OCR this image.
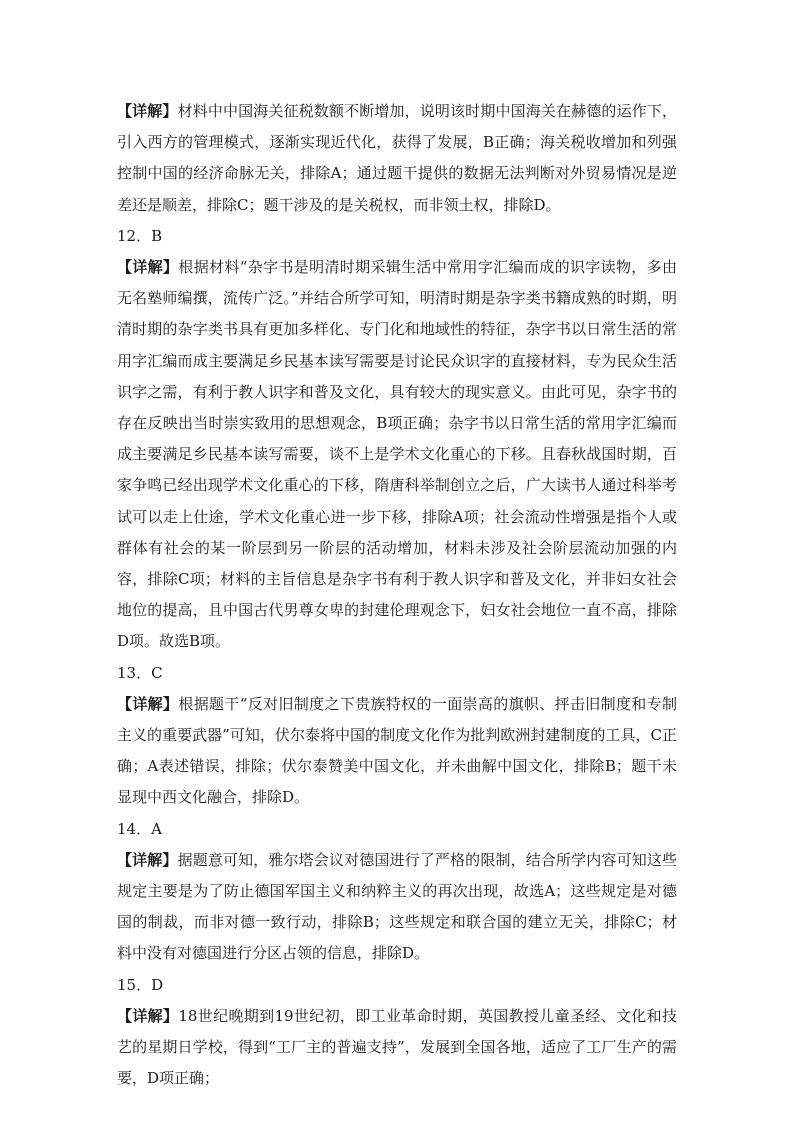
【详解】材料中中国海关征税数额不断增加，说明该时期中国海关在赫德的运作下，引入西方的管理模式，逐渐实现近代化，获得了发展，B正确；海关税收增加和列强控制中国的经济命脉无关，排除A；通过题干提供的数据无法判断对外贸易情况是逆差还是顺差，排除C；题干涉及的是关税权，而非领土权，排除D。

12．B

【详解】根据材料“杂字书是明清时期采辑生活中常用字汇编而成的识字读物，多由无名塾师编撰，流传广泛。”并结合所学可知，明清时期是杂字类书籍成熟的时期，明清时期的杂字类书具有更加多样化、专门化和地域性的特征，杂字书以日常生活的常用字汇编而成主要满足乡民基本读写需要是讨论民众识字的直接材料，专为民众生活识字之需，有利于教人识字和普及文化，具有较大的现实意义。由此可见，杂字书的存在反映出当时崇实致用的思想观念，B项正确；杂字书以日常生活的常用字汇编而成主要满足乡民基本读写需要，谈不上是学术文化重心的下移。且春秋战国时期，百家争鸣已经出现学术文化重心的下移，隋唐科举制创立之后，广大读书人通过科举考试可以走上仕途，学术文化重心进一步下移，排除A项；社会流动性增强是指个人或群体有社会的某一阶层到另一阶层的活动增加，材料未涉及社会阶层流动加强的内容，排除C项；材料的主旨信息是杂字书有利于教人识字和普及文化，并非妇女社会地位的提高，且中国古代男尊女卑的封建伦理观念下，妇女社会地位一直不高，排除D项。故选B项。

13．C

【详解】根据题干“反对旧制度之下贵族特权的一面崇高的旗帜、抨击旧制度和专制主义的重要武器”可知，伏尔泰将中国的制度文化作为批判欧洲封建制度的工具，C正确；A表述错误，排除；伏尔泰赞美中国文化，并未曲解中国文化，排除B；题干未显现中西文化融合，排除D。

14．A

【详解】据题意可知，雅尔塔会议对德国进行了严格的限制，结合所学内容可知这些规定主要是为了防止德国军国主义和纳粹主义的再次出现，故选A；这些规定是对德国的制裁，而非对德一致行动，排除B；这些规定和联合国的建立无关，排除C；材料中没有对德国进行分区占领的信息，排除D。

15．D

【详解】18世纪晚期到19世纪初，即工业革命时期，英国教授儿童圣经、文化和技艺的星期日学校，得到“工厂主的普遍支持”，发展到全国各地，适应了工厂生产的需要，D项正确；
